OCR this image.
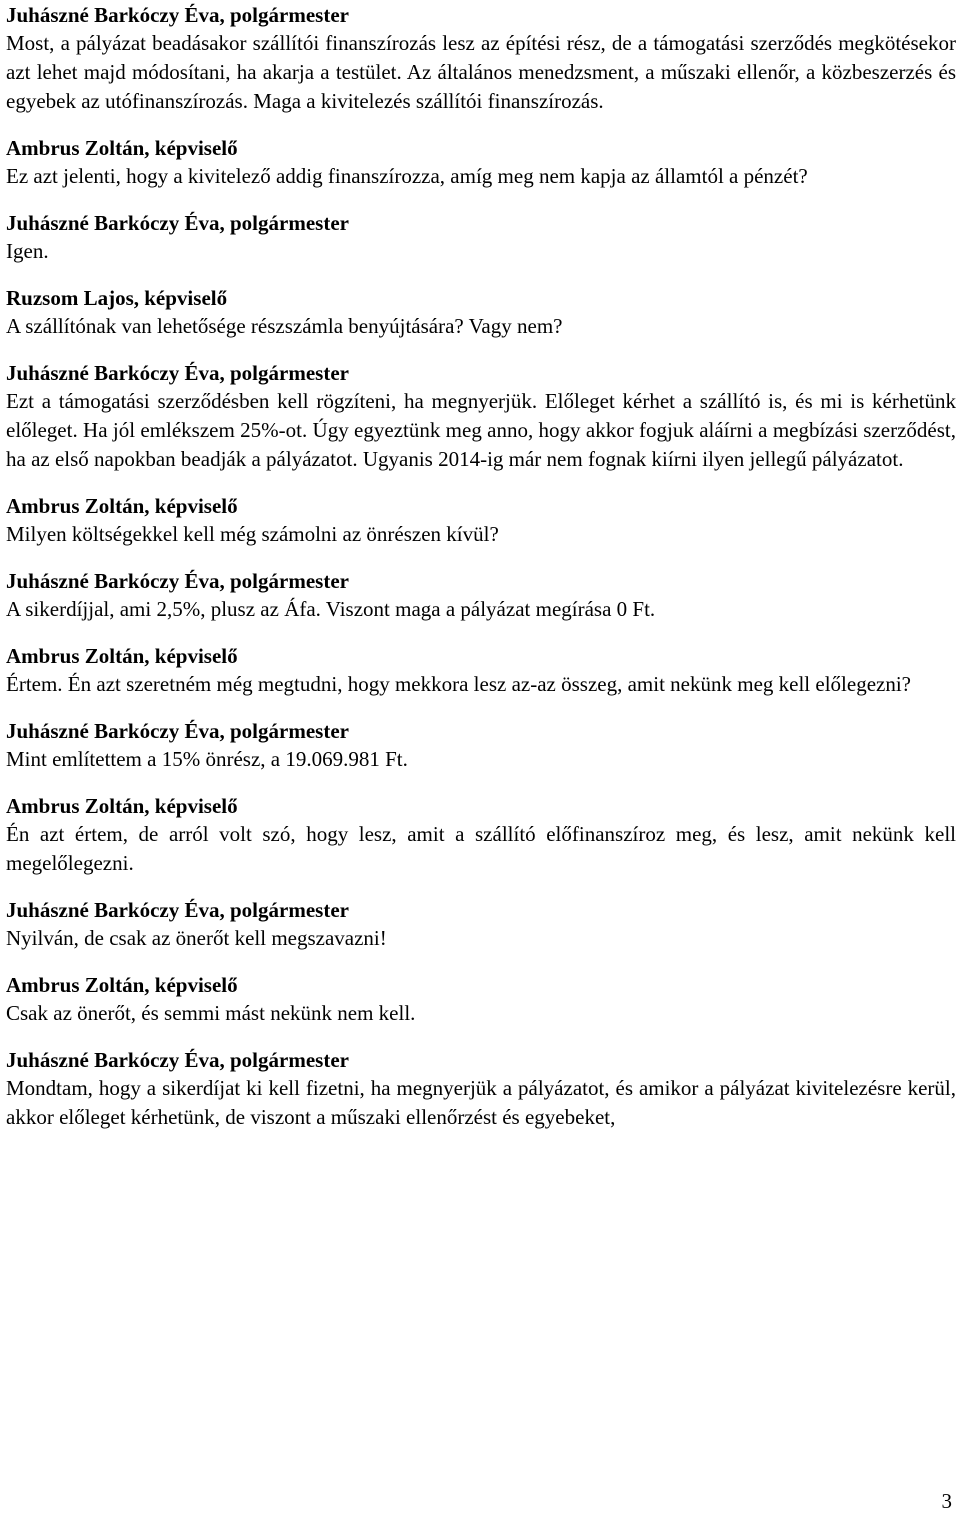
Juhászné Barkóczy Éva, polgármester

Most, a pályázat beadásakor szállítói finanszírozás lesz az építési rész, de a támogatási szerződés megkötésekor azt lehet majd módosítani, ha akarja a testület. Az általános menedzsment, a műszaki ellenőr, a közbeszerzés és egyebek az utófinanszírozás. Maga a kivitelezés szállítói finanszírozás.

Ambrus Zoltán, képviselő

Ez azt jelenti, hogy a kivitelező addig finanszírozza, amíg meg nem kapja az államtól a pénzét?

Juhászné Barkóczy Éva, polgármester

Igen.

Ruzsom Lajos, képviselő

A szállítónak van lehetősége részszámla benyújtására? Vagy nem?

Juhászné Barkóczy Éva, polgármester

Ezt a támogatási szerződésben kell rögzíteni, ha megnyerjük. Előleget kérhet a szállító is, és mi is kérhetünk előleget. Ha jól emlékszem 25%-ot. Úgy egyeztünk meg anno, hogy akkor fogjuk aláírni a megbízási szerződést, ha az első napokban beadják a pályázatot. Ugyanis 2014-ig már nem fognak kiírni ilyen jellegű pályázatot.

Ambrus Zoltán, képviselő

Milyen költségekkel kell még számolni az önrészen kívül?

Juhászné Barkóczy Éva, polgármester

A sikerdíjjal, ami 2,5%, plusz az Áfa. Viszont maga a pályázat megírása 0 Ft.

Ambrus Zoltán, képviselő

Értem. Én azt szeretném még megtudni, hogy mekkora lesz az-az összeg, amit nekünk meg kell előlegezni?

Juhászné Barkóczy Éva, polgármester

Mint említettem a 15% önrész, a 19.069.981 Ft.

Ambrus Zoltán, képviselő

Én azt értem, de arról volt szó, hogy lesz, amit a szállító előfinanszíroz meg, és lesz, amit nekünk kell megelőlegezni.

Juhászné Barkóczy Éva, polgármester

Nyilván, de csak az önerőt kell megszavazni!

Ambrus Zoltán, képviselő

Csak az önerőt, és semmi mást nekünk nem kell.

Juhászné Barkóczy Éva, polgármester

Mondtam, hogy a sikerdíjat ki kell fizetni, ha megnyerjük a pályázatot, és amikor a pályázat kivitelezésre kerül, akkor előleget kérhetünk, de viszont a műszaki ellenőrzést és egyebeket,

3
